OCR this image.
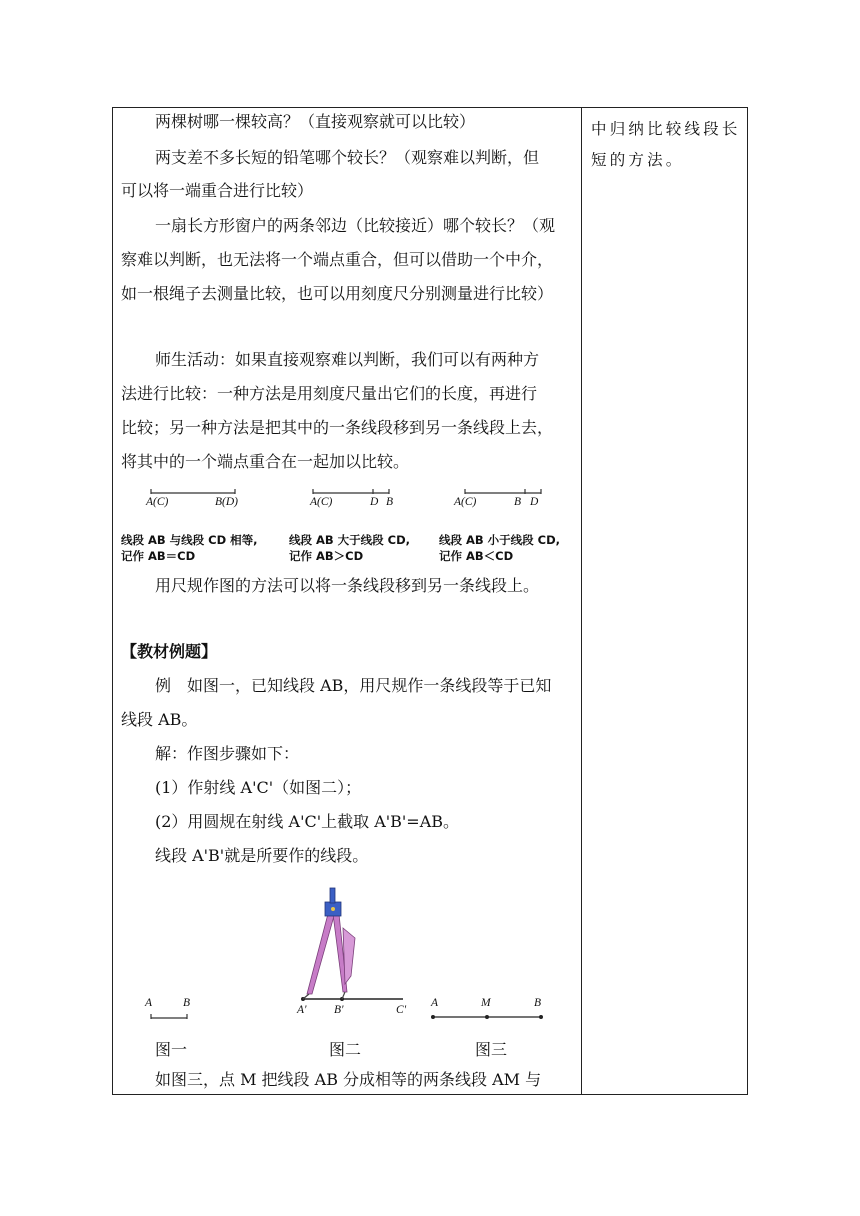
中归纳比较线段长短的方法。
两棵树哪一棵较高？（直接观察就可以比较）
两支差不多长短的铅笔哪个较长？（观察难以判断，但
可以将一端重合进行比较）
一扇长方形窗户的两条邻边（比较接近）哪个较长？（观
察难以判断，也无法将一个端点重合，但可以借助一个中介，
如一根绳子去测量比较，也可以用刻度尺分别测量进行比较）
师生活动：如果直接观察难以判断，我们可以有两种方
法进行比较：一种方法是用刻度尺量出它们的长度，再进行
比较；另一种方法是把其中的一条线段移到另一条线段上去，
将其中的一个端点重合在一起加以比较。
A(C)	B(D)
线段 AB 与线段 CD 相等,
记作 AB＝CD
A(C)	D B
线段 AB 大于线段 CD,
记作 AB＞CD
A(C)	B D
线段 AB 小于线段 CD,
记作 AB＜CD
用尺规作图的方法可以将一条线段移到另一条线段上。
【教材例题】
例　如图一，已知线段 AB，用尺规作一条线段等于已知
线段 AB。
解：作图步骤如下：
(1）作射线 A'C'（如图二）；
(2）用圆规在射线 A'C'上截取 A'B'=AB。
线段 A'B'就是所要作的线段。
A	B
A' B'	C'
A	M	B
图一	图二	图三
如图三，点 M 把线段 AB 分成相等的两条线段 AM 与
